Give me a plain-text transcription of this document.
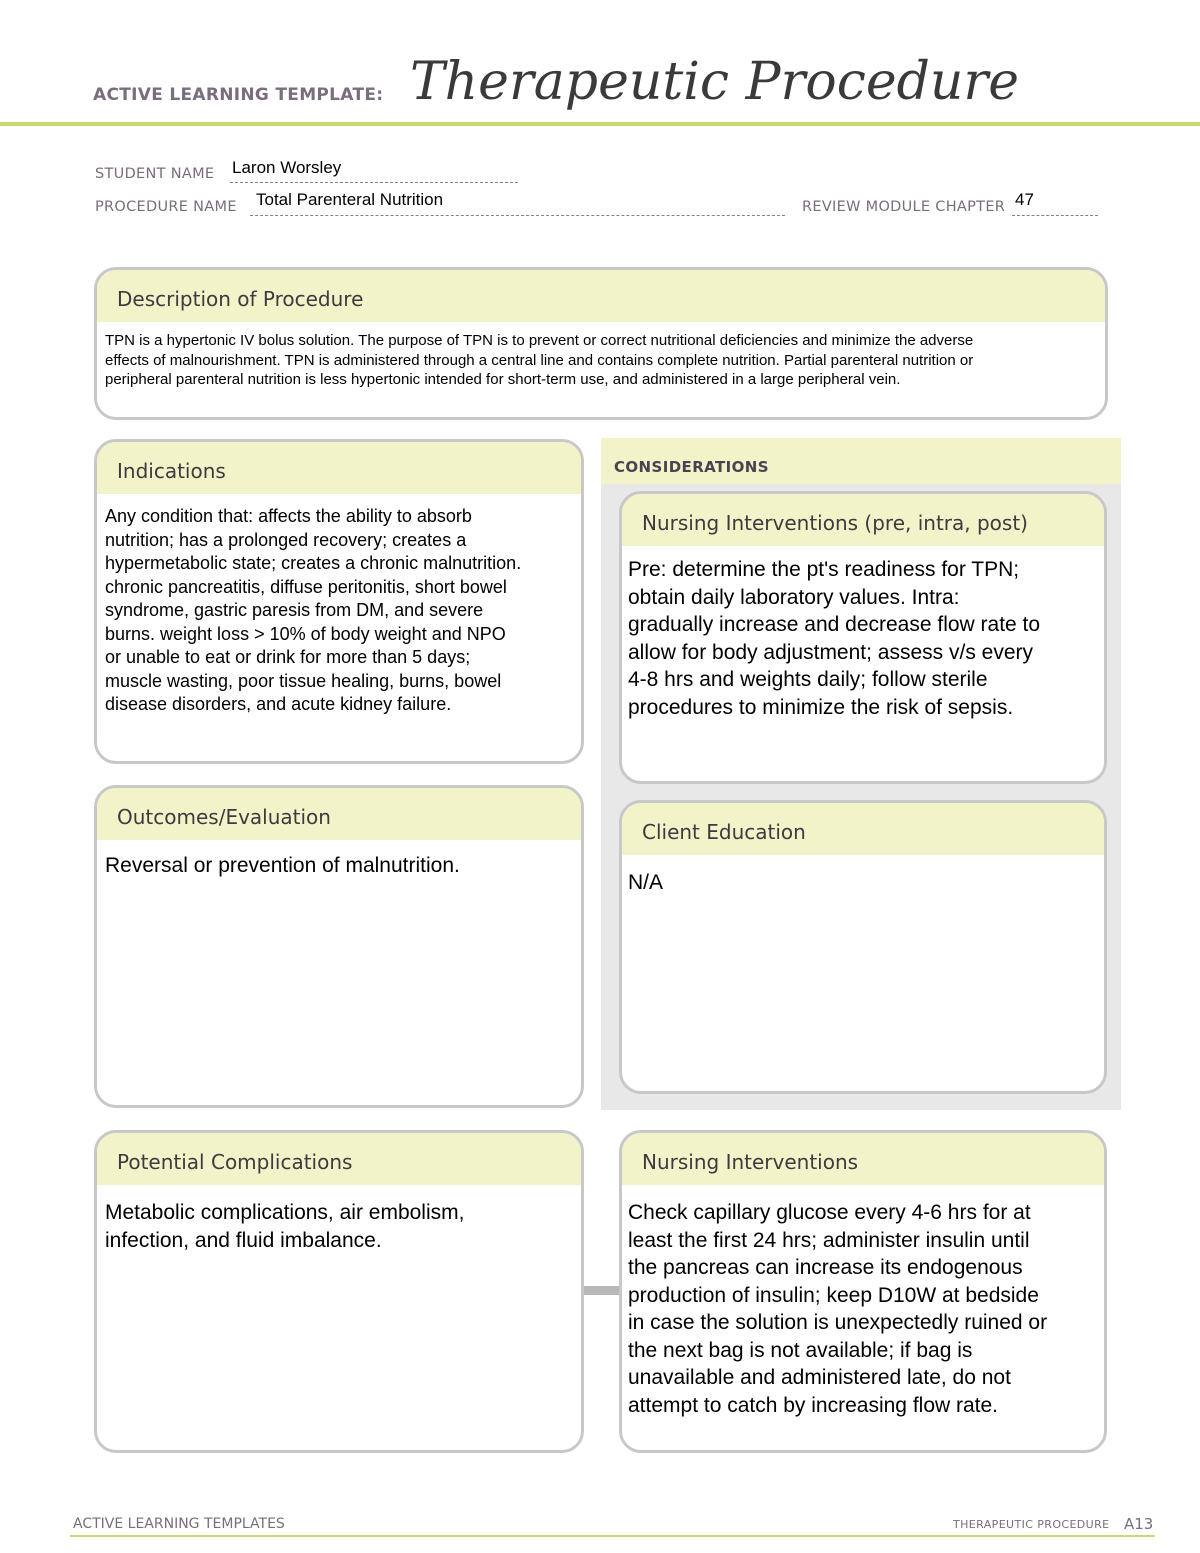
ACTIVE LEARNING TEMPLATE: Therapeutic Procedure
STUDENT NAME Laron Worsley
PROCEDURE NAME Total Parenteral Nutrition	REVIEW MODULE CHAPTER 47
Description of Procedure
TPN is a hypertonic IV bolus solution. The purpose of TPN is to prevent or correct nutritional deficiencies and minimize the adverse
effects of malnourishment. TPN is administered through a central line and contains complete nutrition. Partial parenteral nutrition or
peripheral parenteral nutrition is less hypertonic intended for short-term use, and administered in a large peripheral vein.
Indications
Any condition that: affects the ability to absorb
nutrition; has a prolonged recovery; creates a
hypermetabolic state; creates a chronic malnutrition.
chronic pancreatitis, diffuse peritonitis, short bowel
syndrome, gastric paresis from DM, and severe
burns. weight loss > 10% of body weight and NPO
or unable to eat or drink for more than 5 days;
muscle wasting, poor tissue healing, burns, bowel
disease disorders, and acute kidney failure.
CONSIDERATIONS
Nursing Interventions (pre, intra, post)
Pre: determine the pt's readiness for TPN;
obtain daily laboratory values. Intra:
gradually increase and decrease flow rate to
allow for body adjustment; assess v/s every
4-8 hrs and weights daily; follow sterile
procedures to minimize the risk of sepsis.
Outcomes/Evaluation
Reversal or prevention of malnutrition.
Client Education
N/A
Potential Complications
Metabolic complications, air embolism,
infection, and fluid imbalance.
Nursing Interventions
Check capillary glucose every 4-6 hrs for at
least the first 24 hrs; administer insulin until
the pancreas can increase its endogenous
production of insulin; keep D10W at bedside
in case the solution is unexpectedly ruined or
the next bag is not available; if bag is
unavailable and administered late, do not
attempt to catch by increasing flow rate.
ACTIVE LEARNING TEMPLATES	THERAPEUTIC PROCEDURE A13
